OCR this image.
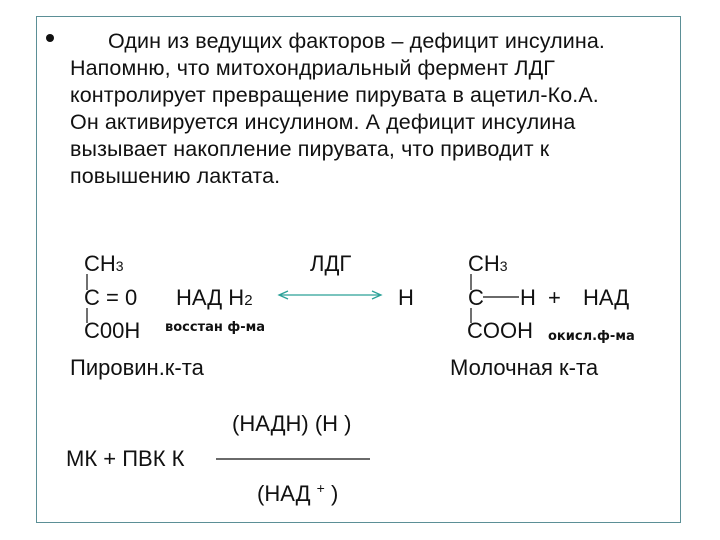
Один из ведущих факторов – дефицит инсулина.
Напомню, что митохондриальный фермент ЛДГ
контролирует превращение пирувата в ацетил-Ко.А.
Он активируется инсулином. А дефицит инсулина
вызывает накопление пирувата, что приводит к
повышению лактата.
CH3
C = 0 НАД Н2
C00H восстан ф-ма
Пировин.к-та
ЛДГ
Н
CH3
C H + НАД
COOH окисл.ф-ма
Молочная к-та
(НАДН) (Н )
МК + ПВК К
(НАД + )
